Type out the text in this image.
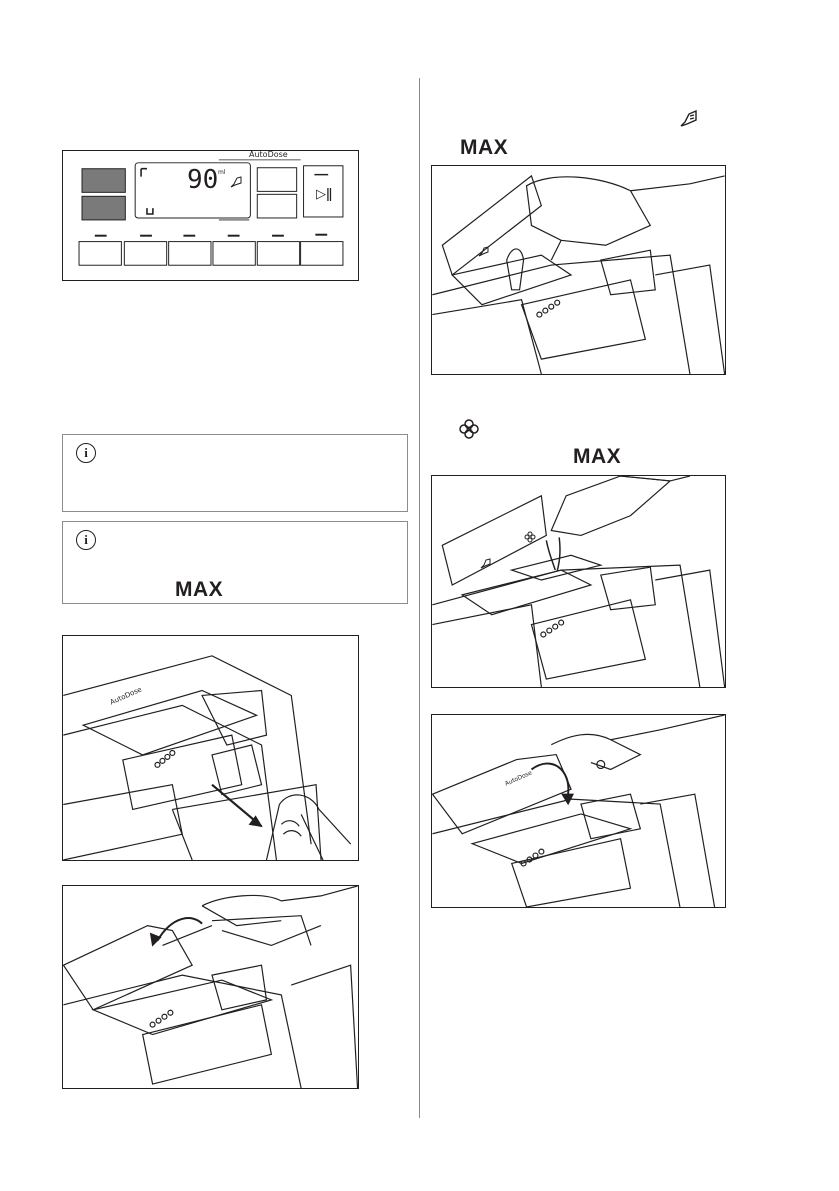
AutoDose
90 ml
▷ǁ
i
i
MAX
AutoDose
MAX
MAX
AutoDose
